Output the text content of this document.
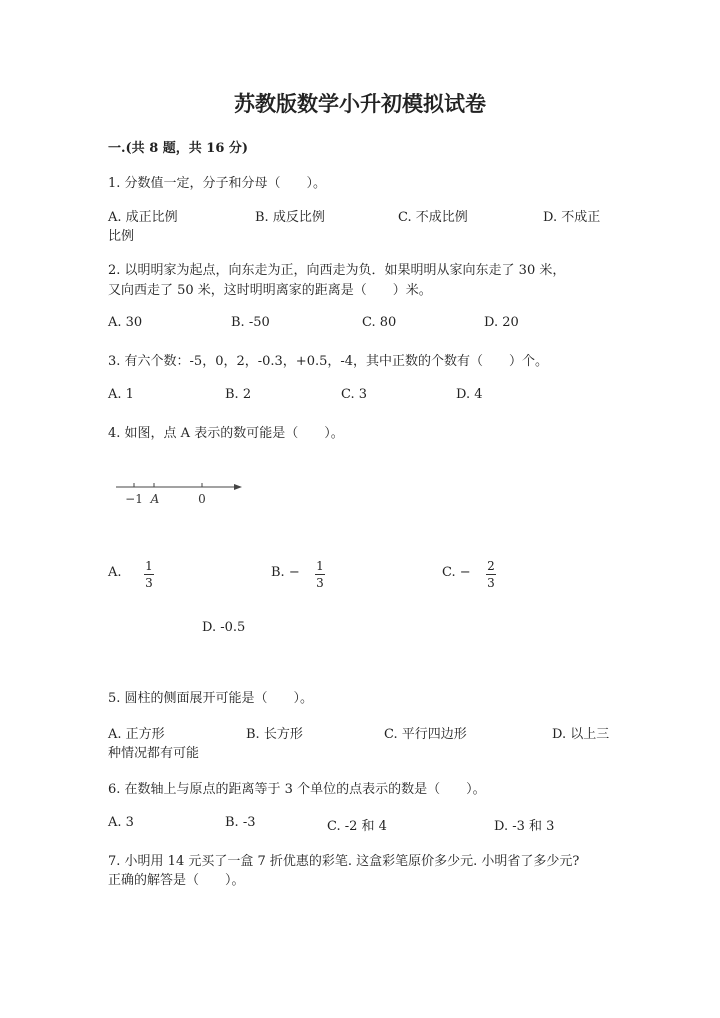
苏教版数学小升初模拟试卷
一.(共 8 题，共 16 分)
1. 分数值一定，分子和分母（　　）。
A. 成正比例	B. 成反比例	C. 不成比例	D. 不成正
比例
2. 以明明家为起点，向东走为正，向西走为负．如果明明从家向东走了 30 米，
又向西走了 50 米，这时明明离家的距离是（　　）米。
A. 30	B. -50	C. 80	D. 20
3. 有六个数：-5，0，2，-0.3，+0.5，-4，其中正数的个数有（　　）个。
A. 1	B. 2	C. 3	D. 4
4. 如图，点 A 表示的数可能是（　　）。
−1 A	0
A. 1
3
B. − 1
3
C. − 2
3
D. -0.5
5. 圆柱的侧面展开可能是（　　）。
A. 正方形	B. 长方形	C. 平行四边形	D. 以上三
种情况都有可能
6. 在数轴上与原点的距离等于 3 个单位的点表示的数是（　　）。
A. 3	B. -3	C. -2 和 4	D. -3 和 3
7. 小明用 14 元买了一盒 7 折优惠的彩笔. 这盒彩笔原价多少元. 小明省了多少元?
正确的解答是（　　）。
